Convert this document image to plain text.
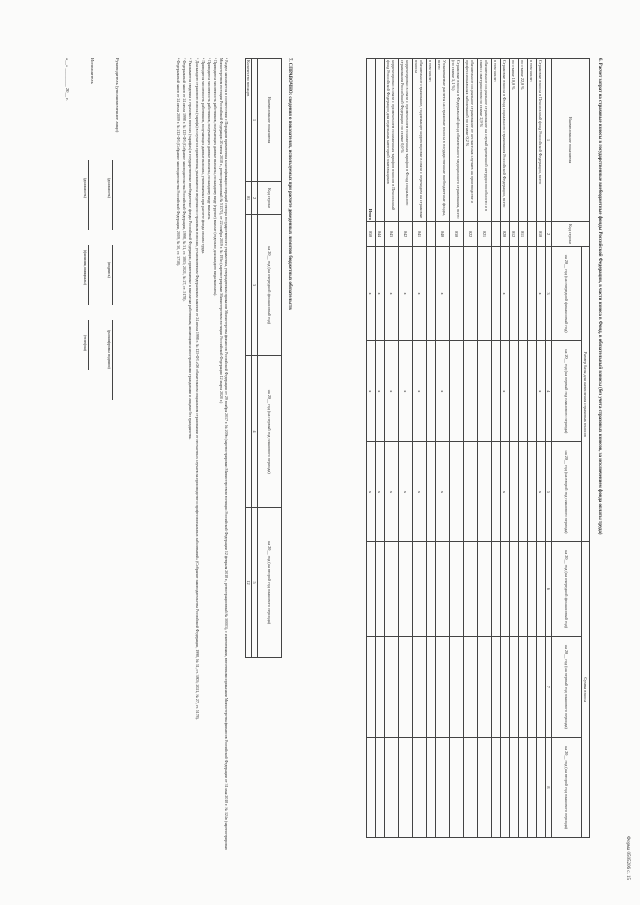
Форма 0505206 с. 15
6. Расчет затрат на страховые взносы в государственные внебюджетные фонды Российской Федерации, в части взноса в Фонд, в обязательный взносы (без учета страховых взносов, за исключением фонда оплаты труда)
Наименование показателя	Код строки	Размер базы для начисления страховых взносов			Сумма взноса		
		на 20__ год (на очередной финансовый год)	на 20__ год (на первый год планового периода)	на 20__ год (на второй год планового периода)	на 20__ год (на очередной финансовый год)	на 20__ год (на первый год планового периода)	на 20__ год (на второй год планового периода)
1	2	3	4	5	6	7	8
Страховые взносы в Пенсионный фонд Российской Федерации, всего	010	x	x	x			
в том числе:							
по ставке 22,0 %	011						
по ставке 10,0 %	012						
Страховые взносы в Фонд социального страхования Российской Федерации, всего	020	x	x	x			
в том числе:							
обязательное социальное страхование на случай временной нетрудоспособности и в связи с материнством по ставке 2,9 %	021						
обязательное социальное страхование от несчастных случаев на производстве и профессиональных заболеваний по ставке 0,2 %	022						
Страховые взносы в Федеральный фонд обязательного медицинского страхования, всего (по ставке 5,1 %)	030						
Уплачиваемые расчеты на страховые взносы в государственные внебюджетные фонды, всего	040	x	x	x			
в том числе:							
обязательное страхование, подлежащее корректировке в связи с переходом на страховые взносы	041	x	x	x			
корректировки в связи с применением пониженных тарифов в Фонд социального страхования Российской Федерации по ставке 0,0 %	042	x	x	x			
корректировки в связи с применением пониженных тарифов взносов в Пенсионный фонд Российской Федерации для отдельных категорий плательщиков	043	x	x	x			
	044	x	x	x			
Итого	050	x	x	x			
7. СПРАВОЧНО: сведения о показателях, используемых при расчете доведенных лимитов бюджетных обязательств
Наименование показателя	Код строки	на 20__ год (на очередной финансовый год)	на 20__ год (на первый год планового периода)	на 20__ год (на второй год планового периода)
1	2	3	4	5
Количество месяцев	01			12
¹ Раздел заполняется в соответствии с Порядком применения классификации операций сектора государственного управления, утвержденным приказом Министерства финансов Российской Федерации от 29 ноября 2017 г. № 209н (зарегистрирован Министерством юстиции Российской Федерации 12 февраля 2018 г., регистрационный № 50003), с изменениями, внесенными приказами Министерства финансов Российской Федерации от 31 мая 2018 г. № 124н (зарегистрирован Министерством юстиции Российской Федерации 20 июня 2018 г., регистрационный № 51371), от 22 ноября 2019 г. № 193н (зарегистрирован Министерством юстиции Российской Федерации 12 марта 2020 г.)
² Приводится численность работников, получающих данные выплаты, по каждому виду (группе) выплат (отдельно для каждого вида выплаты).
³ Приводится численность работников, получающих данные выплаты, по каждому виду выплаты.
⁴ Приводится численность работников, получающих данные выплаты, учитываемых при расчете фонда оплаты труда.
⁵ Для каждого страхового взноса (тарифа) в случае их применения, указываются сведения по страховым взносам, установленным Федеральным законом от 24 июля 1998 г. № 125-ФЗ «Об обязательном социальном страховании от несчастных случаев на производстве и профессиональных заболеваний» (Собрание законодательства Российской Федерации, 1998, № 31, ст. 3803; 2021, № 27, ст. 5178).
⁶ Указываются сведения о страховых взносах (тарифах) в государственные внебюджетные фонды Российской Федерации, применяемые к выплатам работникам, являющимся иностранными гражданами и лицами без гражданства.
⁷ Федеральный закон от 24 июля 1998 г. № 125-ФЗ (Собрание законодательства Российской Федерации, 1998, № 31, ст. 3803; 2021, № 27, ст. 5178).
⁸ Федеральный закон от 24 июля 2009 г. № 212-ФЗ (Собрание законодательства Российской Федерации, 2009, № 30, ст. 3738).
Руководитель (уполномоченное лицо)
(должность)
(подпись)
(расшифровка подписи)
Исполнитель
(должность)
(фамилия, инициалы)
(телефон)
«__» ________ 20__ г.
